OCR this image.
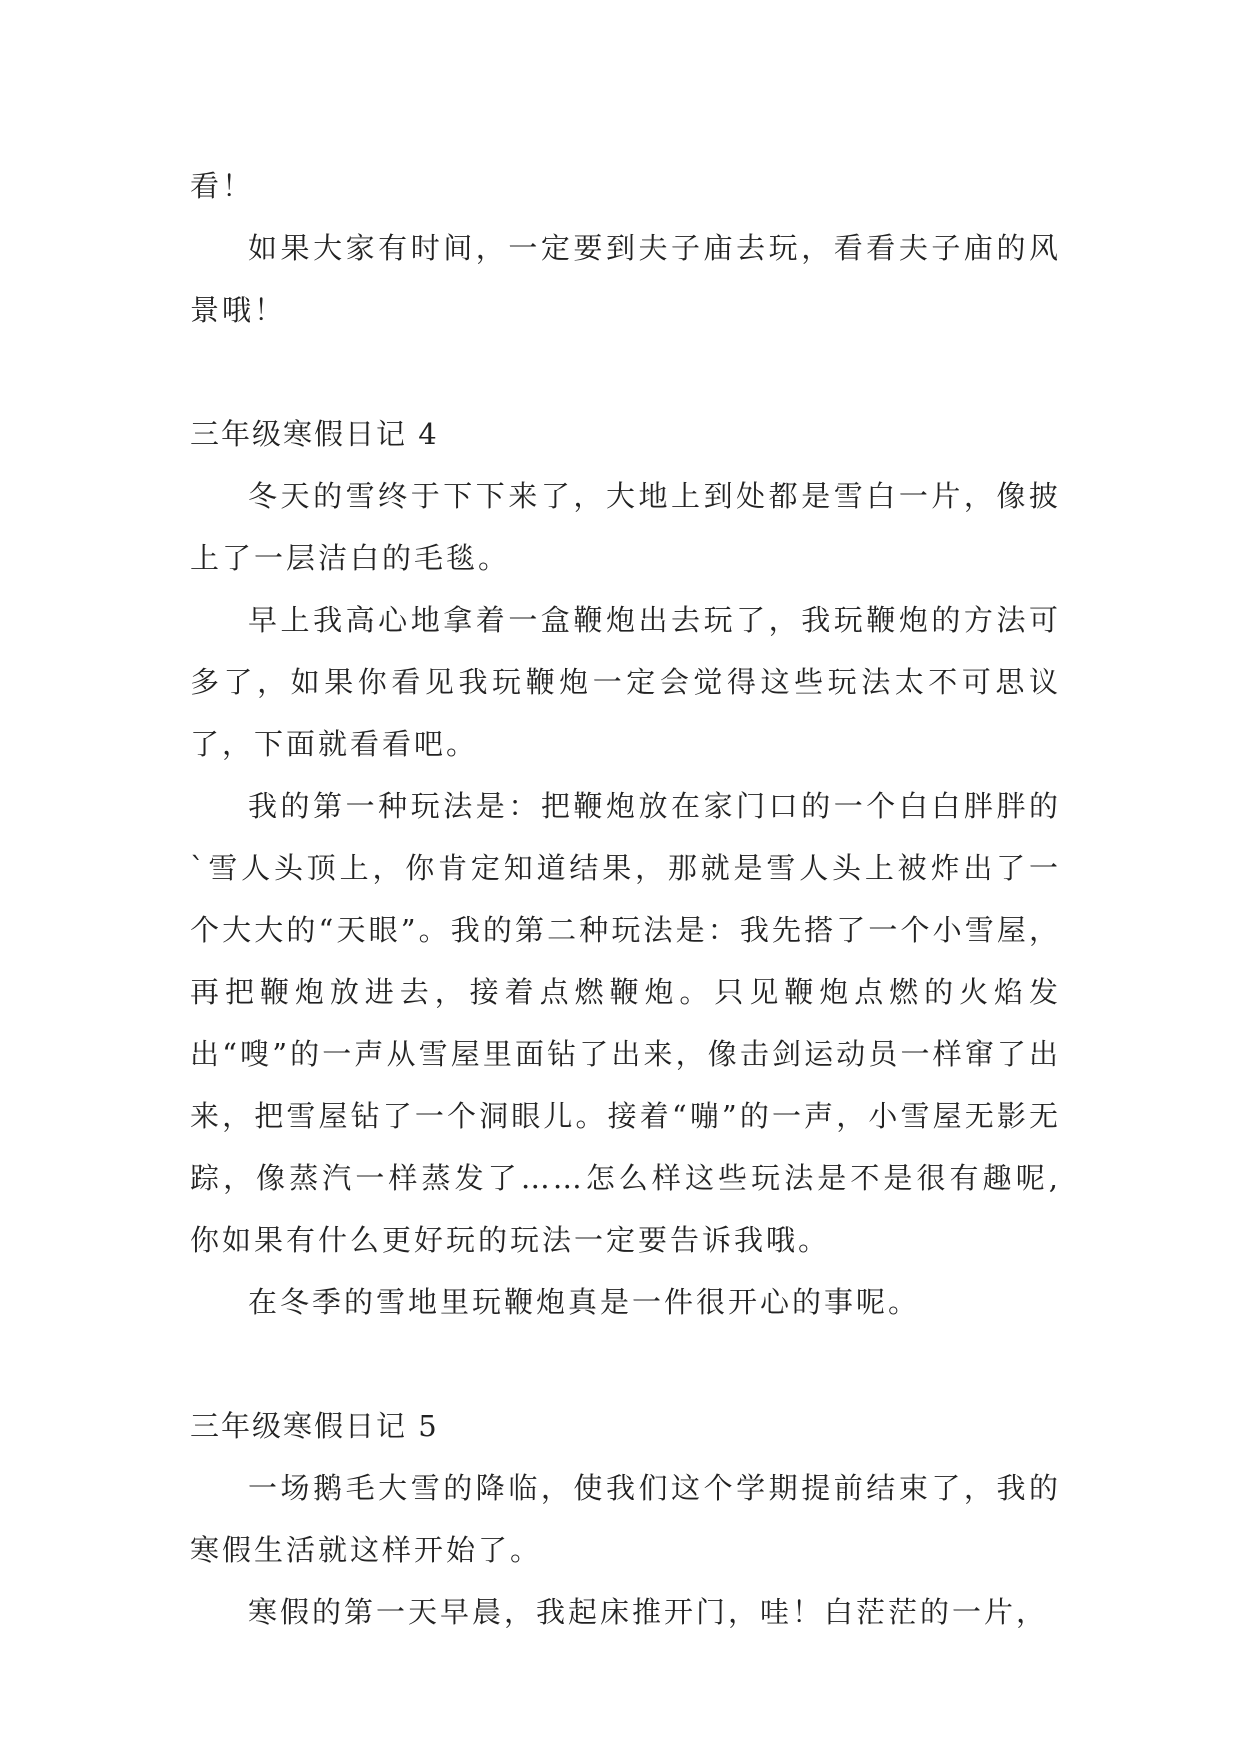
看！

如果大家有时间，一定要到夫子庙去玩，看看夫子庙的风景哦！

三年级寒假日记 4

冬天的雪终于下下来了，大地上到处都是雪白一片，像披上了一层洁白的毛毯。

早上我高心地拿着一盒鞭炮出去玩了，我玩鞭炮的方法可多了，如果你看见我玩鞭炮一定会觉得这些玩法太不可思议了，下面就看看吧。

我的第一种玩法是：把鞭炮放在家门口的一个白白胖胖的`雪人头顶上，你肯定知道结果，那就是雪人头上被炸出了一个大大的“天眼”。我的第二种玩法是：我先搭了一个小雪屋，再把鞭炮放进去，接着点燃鞭炮。只见鞭炮点燃的火焰发出“嗖”的一声从雪屋里面钻了出来，像击剑运动员一样窜了出来，把雪屋钻了一个洞眼儿。接着“嘣”的一声，小雪屋无影无踪，像蒸汽一样蒸发了……怎么样这些玩法是不是很有趣呢,你如果有什么更好玩的玩法一定要告诉我哦。

在冬季的雪地里玩鞭炮真是一件很开心的事呢。

三年级寒假日记 5

一场鹅毛大雪的降临，使我们这个学期提前结束了，我的寒假生活就这样开始了。

寒假的第一天早晨，我起床推开门，哇！白茫茫的一片，
